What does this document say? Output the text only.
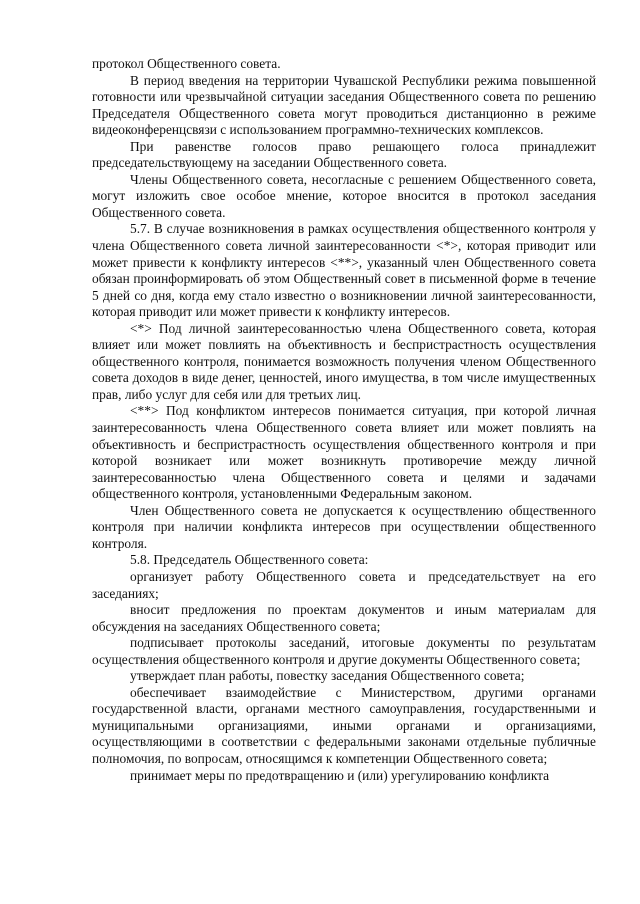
протокол Общественного совета.

В период введения на территории Чувашской Республики режима повышенной готовности или чрезвычайной ситуации заседания Общественного совета по решению Председателя Общественного совета могут проводиться дистанционно в режиме видеоконференцсвязи с использованием программно-технических комплексов.

При равенстве голосов право решающего голоса принадлежит председательствующему на заседании Общественного совета.

Члены Общественного совета, несогласные с решением Общественного совета, могут изложить свое особое мнение, которое вносится в протокол заседания Общественного совета.

5.7. В случае возникновения в рамках осуществления общественного контроля у члена Общественного совета личной заинтересованности <*>, которая приводит или может привести к конфликту интересов <**>, указанный член Общественного совета обязан проинформировать об этом Общественный совет в письменной форме в течение 5 дней со дня, когда ему стало известно о возникновении личной заинтересованности, которая приводит или может привести к конфликту интересов.

<*> Под личной заинтересованностью члена Общественного совета, которая влияет или может повлиять на объективность и беспристрастность осуществления общественного контроля, понимается возможность получения членом Общественного совета доходов в виде денег, ценностей, иного имущества, в том числе имущественных прав, либо услуг для себя или для третьих лиц.

<**> Под конфликтом интересов понимается ситуация, при которой личная заинтересованность члена Общественного совета влияет или может повлиять на объективность и беспристрастность осуществления общественного контроля и при которой возникает или может возникнуть противоречие между личной заинтересованностью члена Общественного совета и целями и задачами общественного контроля, установленными Федеральным законом.

Член Общественного совета не допускается к осуществлению общественного контроля при наличии конфликта интересов при осуществлении общественного контроля.

5.8. Председатель Общественного совета:

организует работу Общественного совета и председательствует на его заседаниях;

вносит предложения по проектам документов и иным материалам для обсуждения на заседаниях Общественного совета;

подписывает протоколы заседаний, итоговые документы по результатам осуществления общественного контроля и другие документы Общественного совета;

утверждает план работы, повестку заседания Общественного совета;

обеспечивает взаимодействие с Министерством, другими органами государственной власти, органами местного самоуправления, государственными и муниципальными организациями, иными органами и организациями, осуществляющими в соответствии с федеральными законами отдельные публичные полномочия, по вопросам, относящимся к компетенции Общественного совета;

принимает меры по предотвращению и (или) урегулированию конфликта
